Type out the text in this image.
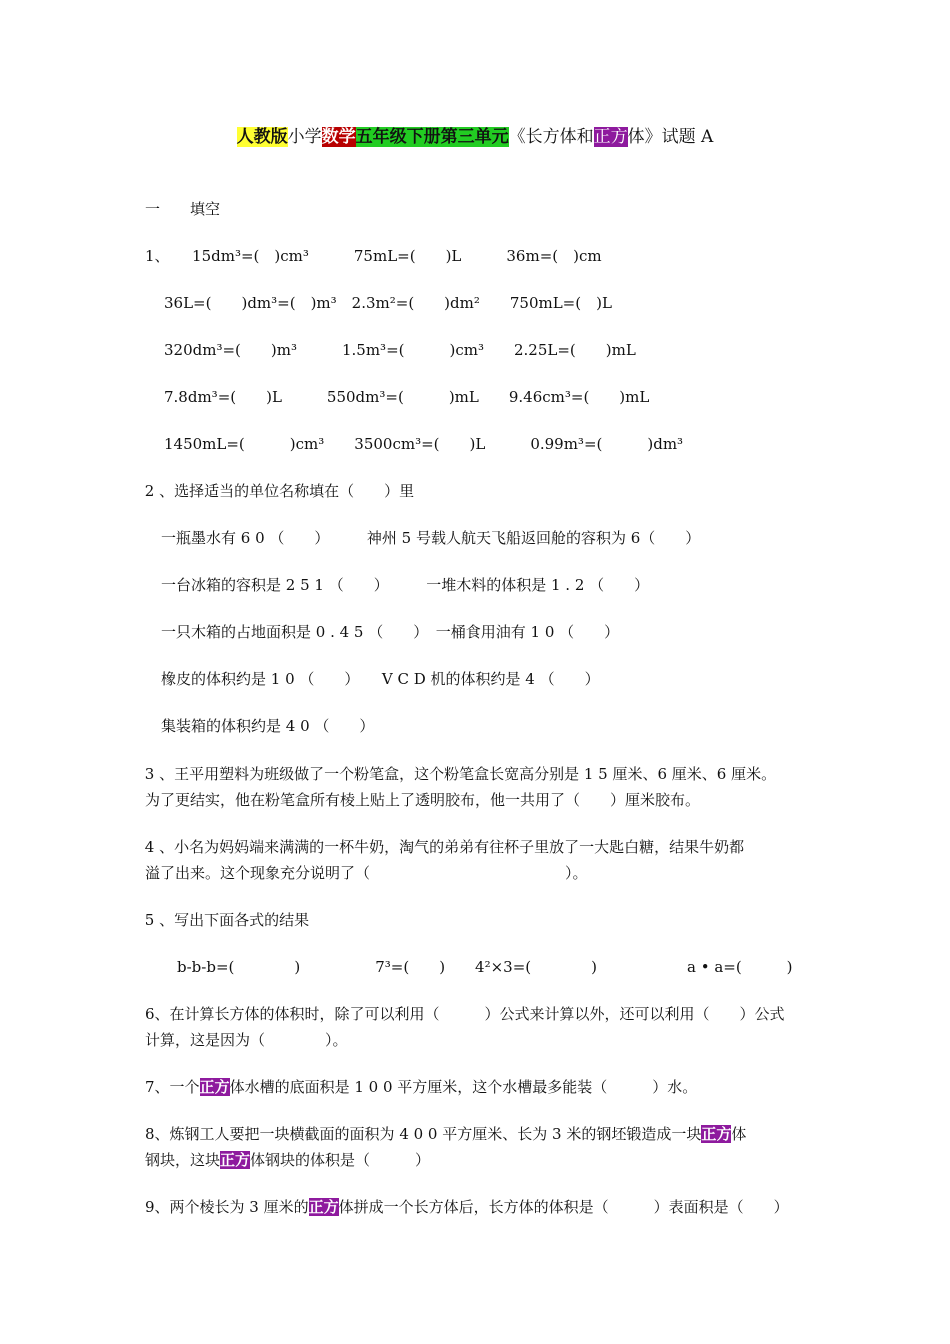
人教版小学数学五年级下册第三单元《长方体和正方体》试题 A
一　　填空
1、　　15dm³=(　)cm³　　　75mL=(　　)L　　　36m=(　)cm
36L=(　　)dm³=(　)m³　2.3m²=(　　)dm²　　750mL=(　)L
320dm³=(　　)m³　　　1.5m³=(　　　)cm³　　2.25L=(　　)mL
7.8dm³=(　　)L　　　550dm³=(　　　)mL　　9.46cm³=(　　)mL
1450mL=(　　　)cm³　　3500cm³=(　　)L　　　0.99m³=(　　　)dm³
2 、选择适当的单位名称填在（　　）里
一瓶墨水有 6 0 （　　）　　　神州 5 号载人航天飞船返回舱的容积为 6（　　）
一台冰箱的容积是 2 5 1 （　　）　　　一堆木料的体积是 1 . 2 （　　）
一只木箱的占地面积是 0 . 4 5 （　　）　一桶食用油有 1 0 （　　）
橡皮的体积约是 1 0 （　　）　　V C D 机的体积约是 4 （　　）
集装箱的体积约是 4 0 （　　）
3 、王平用塑料为班级做了一个粉笔盒，这个粉笔盒长宽高分别是 1 5 厘米、6 厘米、6 厘米。
为了更结实，他在粉笔盒所有棱上贴上了透明胶布，他一共用了（　　）厘米胶布。
4 、小名为妈妈端来满满的一杯牛奶，淘气的弟弟有往杯子里放了一大匙白糖，结果牛奶都
溢了出来。这个现象充分说明了（　　　　　　　　　　　　　）。
5 、写出下面各式的结果
b-b-b=(　　　　)　　　　　7³=(　　)　　4²×3=(　　　　)　　　　　　a • a=(　　　)
6、在计算长方体的体积时，除了可以利用（　　　）公式来计算以外，还可以利用（　　）公式
计算，这是因为（　　　　）。
7、一个正方体水槽的底面积是 1 0 0 平方厘米，这个水槽最多能装（　　　）水。
8、炼钢工人要把一块横截面的面积为 4 0 0 平方厘米、长为 3 米的钢坯锻造成一块正方体
钢块，这块正方体钢块的体积是（　　　）
9、两个棱长为 3 厘米的正方体拼成一个长方体后，长方体的体积是（　　　）表面积是（　　）
